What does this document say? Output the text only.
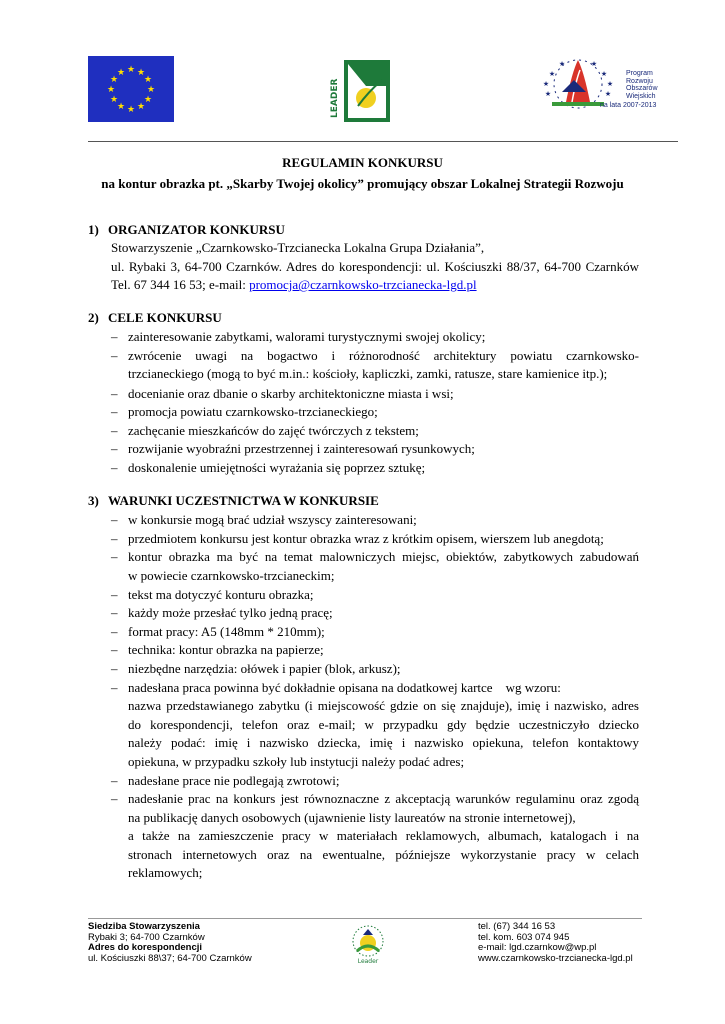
★ ★
★
★
★
★
★
★
★
★
★
★
LEADER
★
★
★
★
★
★
★	★
Program
Rozwoju
Obszarów
Wiejskich
na lata 2007-2013
REGULAMIN KONKURSU
na kontur obrazka pt. „Skarby Twojej okolicy” promujący obszar Lokalnej Strategii Rozwoju
1) ORGANIZATOR KONKURSU
Stowarzyszenie „Czarnkowsko-Trzcianecka Lokalna Grupa Działania”,
ul. Rybaki 3, 64-700 Czarnków. Adres do korespondencji: ul. Kościuszki 88/37, 64-700 Czarnków
Tel. 67 344 16 53; e-mail: promocja@czarnkowsko-trzcianecka-lgd.pl
2) CELE KONKURSU
– zainteresowanie zabytkami, walorami turystycznymi swojej okolicy;
– zwrócenie uwagi na bogactwo i różnorodność architektury powiatu czarnkowsko-
trzcianeckiego (mogą to być m.in.: kościoły, kapliczki, zamki, ratusze, stare kamienice itp.);
– docenianie oraz dbanie o skarby architektoniczne miasta i wsi;
– promocja powiatu czarnkowsko-trzcianeckiego;
– zachęcanie mieszkańców do zajęć twórczych z tekstem;
– rozwijanie wyobraźni przestrzennej i zainteresowań rysunkowych;
– doskonalenie umiejętności wyrażania się poprzez sztukę;
3) WARUNKI UCZESTNICTWA W KONKURSIE
– w konkursie mogą brać udział wszyscy zainteresowani;
– przedmiotem konkursu jest kontur obrazka wraz z krótkim opisem, wierszem lub anegdotą;
– kontur obrazka ma być na temat malowniczych miejsc, obiektów, zabytkowych zabudowań
w powiecie czarnkowsko-trzcianeckim;
– tekst ma dotyczyć konturu obrazka;
– każdy może przesłać tylko jedną pracę;
– format pracy: A5 (148mm * 210mm);
– technika: kontur obrazka na papierze;
– niezbędne narzędzia: ołówek i papier (blok, arkusz);
– nadesłana praca powinna być dokładnie opisana na dodatkowej kartce    wg wzoru:
nazwa przedstawianego zabytku (i miejscowość gdzie on się znajduje), imię i nazwisko, adres
do korespondencji, telefon oraz e-mail; w przypadku gdy będzie uczestniczyło dziecko
należy podać: imię i nazwisko dziecka, imię i nazwisko opiekuna, telefon kontaktowy
opiekuna, w przypadku szkoły lub instytucji należy podać adres;
– nadesłane prace nie podlegają zwrotowi;
– nadesłanie prac na konkurs jest równoznaczne z akceptacją warunków regulaminu oraz zgodą
na publikację danych osobowych (ujawnienie listy laureatów na stronie internetowej),
a także na zamieszczenie pracy w materiałach reklamowych, albumach, katalogach i na
stronach internetowych oraz na ewentualne, późniejsze wykorzystanie pracy w celach
reklamowych;
Siedziba Stowarzyszenia
Rybaki 3; 64-700 Czarnków
Adres do korespondencji
ul. Kościuszki 88\37; 64-700 Czarnków	Leader
tel. (67) 344 16 53
tel. kom. 603 074 945
e-mail: lgd.czarnkow@wp.pl
www.czarnkowsko-trzcianecka-lgd.pl
